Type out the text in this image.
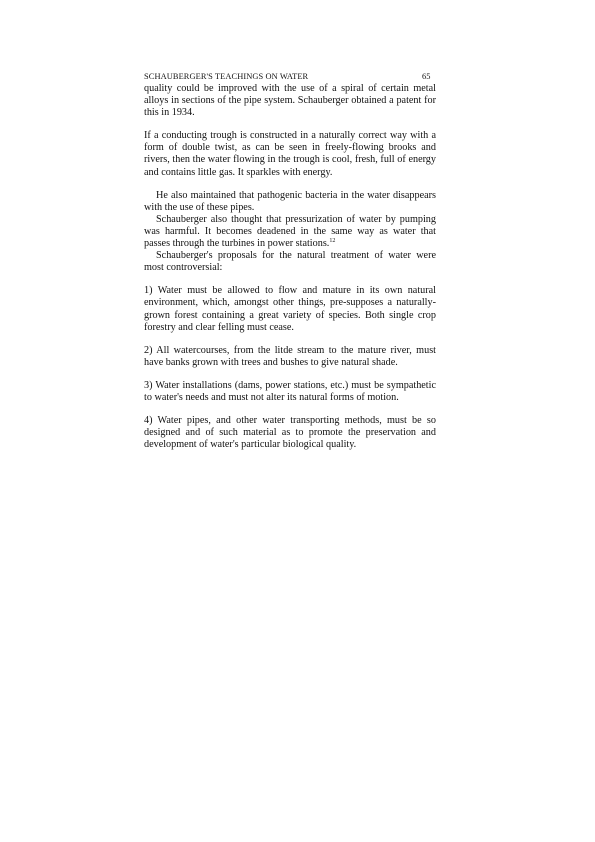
SCHAUBERGER'S TEACHINGS ON WATER	65

quality could be improved with the use of a spiral of certain metal alloys in sections of the pipe system. Schauberger obtained a patent for this in 1934.

If a conducting trough is constructed in a naturally correct way with a form of double twist, as can be seen in freely-flowing brooks and rivers, then the water flowing in the trough is cool, fresh, full of energy and contains little gas. It sparkles with energy.

He also maintained that pathogenic bacteria in the water disappears with the use of these pipes.

Schauberger also thought that pressurization of water by pumping was harmful. It becomes deadened in the same way as water that passes through the turbines in power stations.$^{12}$

Schauberger's proposals for the natural treatment of water were most controversial:

1) Water must be allowed to flow and mature in its own natural environment, which, amongst other things, pre-supposes a naturally-grown forest containing a great variety of species. Both single crop forestry and clear felling must cease.

2) All watercourses, from the litde stream to the mature river, must have banks grown with trees and bushes to give natural shade.

3) Water installations (dams, power stations, etc.) must be sympathetic to water's needs and must not alter its natural forms of motion.

4) Water pipes, and other water transporting methods, must be so designed and of such material as to promote the preservation and development of water's particular biological quality.
